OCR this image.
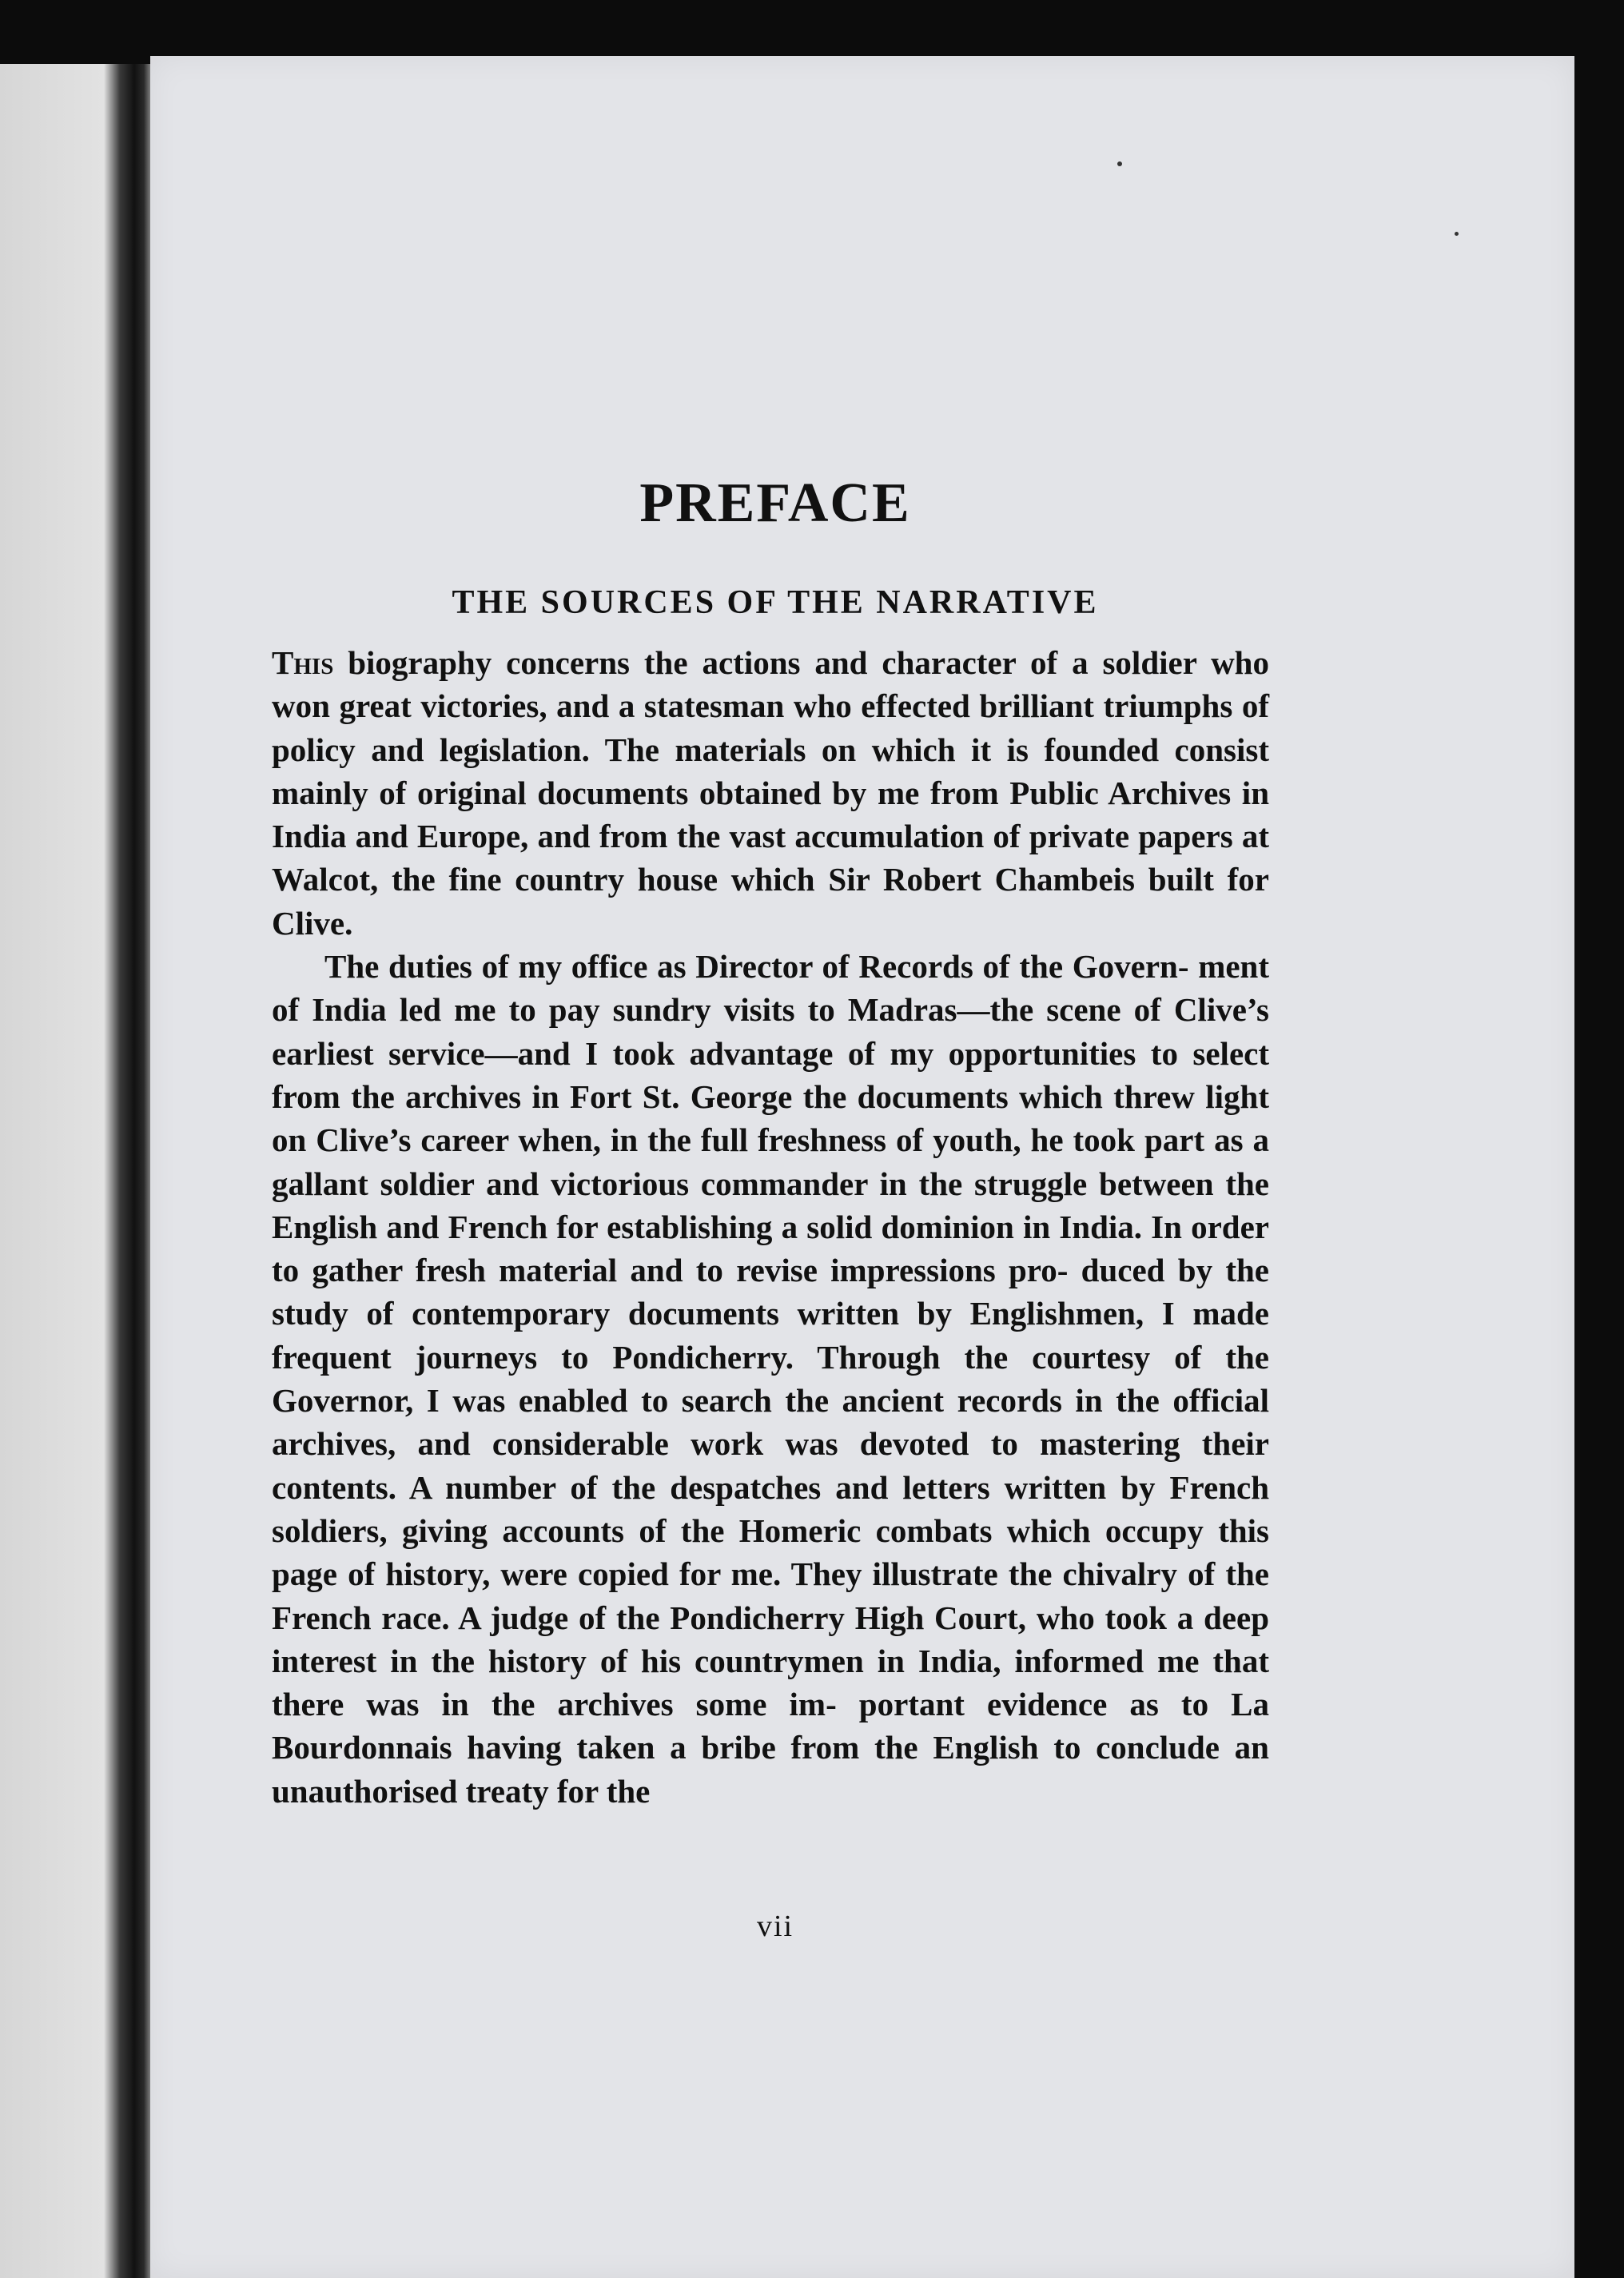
PREFACE
THE SOURCES OF THE NARRATIVE

This biography concerns the actions and character of a soldier who won great victories, and a statesman who effected brilliant triumphs of policy and legislation. The materials on which it is founded consist mainly of original documents obtained by me from Public Archives in India and Europe, and from the vast accumulation of private papers at Walcot, the fine country house which Sir Robert Chambeis built for Clive.

The duties of my office as Director of Records of the Govern- ment of India led me to pay sundry visits to Madras—the scene of Clive’s earliest service—and I took advantage of my opportunities to select from the archives in Fort St. George the documents which threw light on Clive’s career when, in the full freshness of youth, he took part as a gallant soldier and victorious commander in the struggle between the English and French for establishing a solid dominion in India. In order to gather fresh material and to revise impressions pro- duced by the study of contemporary documents written by Englishmen, I made frequent journeys to Pondicherry. Through the courtesy of the Governor, I was enabled to search the ancient records in the official archives, and considerable work was devoted to mastering their contents. A number of the despatches and letters written by French soldiers, giving accounts of the Homeric combats which occupy this page of history, were copied for me. They illustrate the chivalry of the French race. A judge of the Pondicherry High Court, who took a deep interest in the history of his countrymen in India, informed me that there was in the archives some im- portant evidence as to La Bourdonnais having taken a bribe from the English to conclude an unauthorised treaty for the

vii
